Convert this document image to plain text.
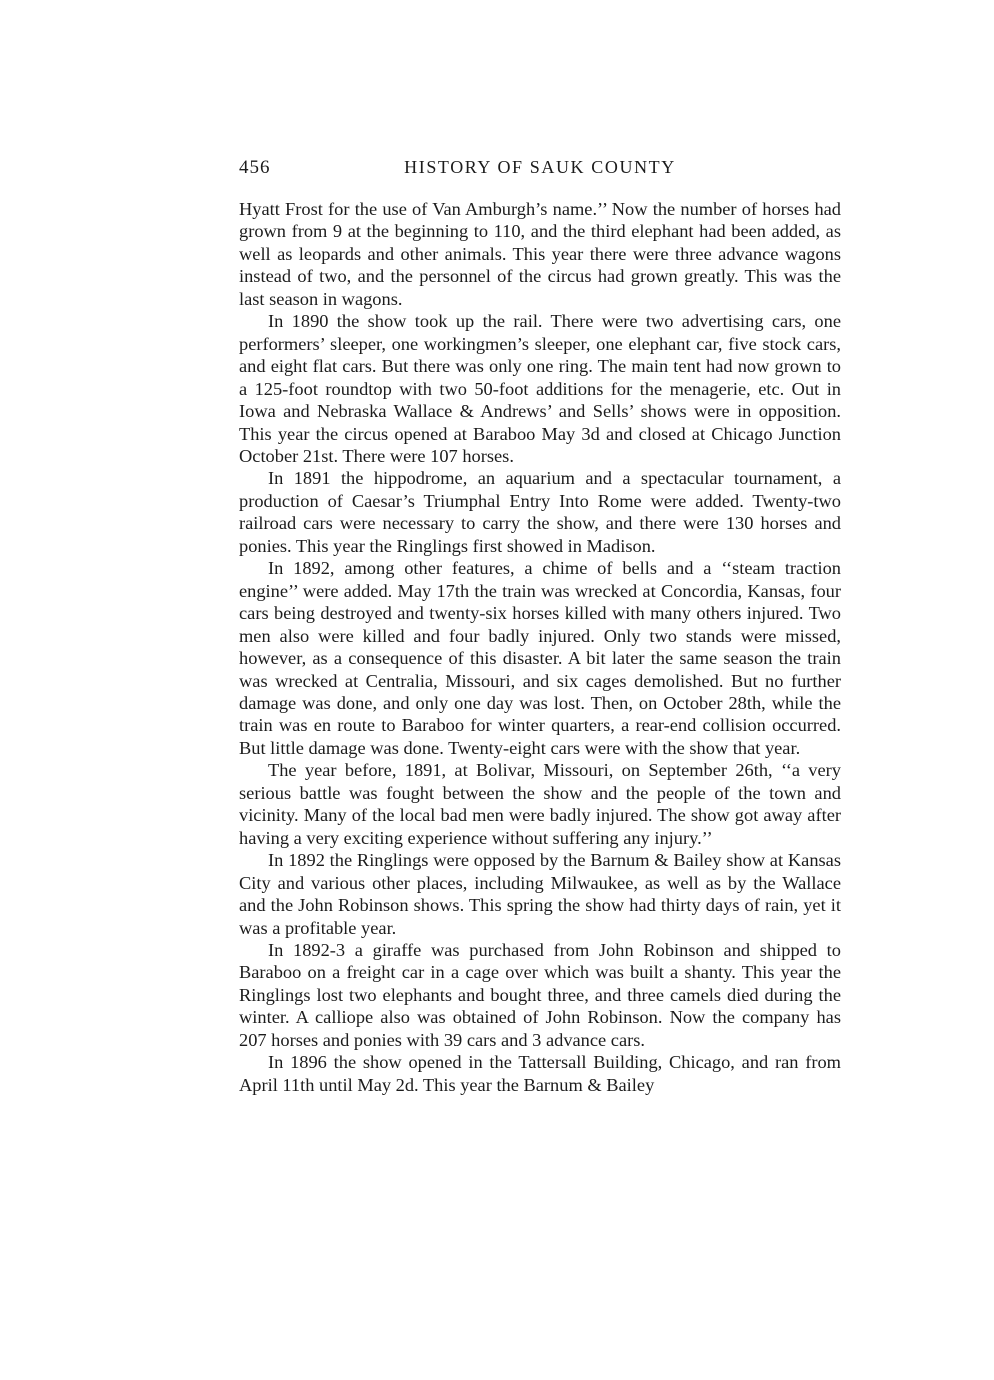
456	HISTORY OF SAUK COUNTY

Hyatt Frost for the use of Van Amburgh’s name.’’ Now the number of horses had grown from 9 at the beginning to 110, and the third elephant had been added, as well as leopards and other animals. This year there were three advance wagons instead of two, and the personnel of the circus had grown greatly. This was the last season in wagons.

In 1890 the show took up the rail. There were two advertising cars, one performers’ sleeper, one workingmen’s sleeper, one elephant car, five stock cars, and eight flat cars. But there was only one ring. The main tent had now grown to a 125-foot roundtop with two 50-foot additions for the menagerie, etc. Out in Iowa and Nebraska Wallace & Andrews’ and Sells’ shows were in opposition. This year the circus opened at Baraboo May 3d and closed at Chicago Junction October 21st. There were 107 horses.

In 1891 the hippodrome, an aquarium and a spectacular tournament, a production of Caesar’s Triumphal Entry Into Rome were added. Twenty-two railroad cars were necessary to carry the show, and there were 130 horses and ponies. This year the Ringlings first showed in Madison.

In 1892, among other features, a chime of bells and a ‘‘steam traction engine’’ were added. May 17th the train was wrecked at Concordia, Kansas, four cars being destroyed and twenty-six horses killed with many others injured. Two men also were killed and four badly injured. Only two stands were missed, however, as a consequence of this disaster. A bit later the same season the train was wrecked at Centralia, Missouri, and six cages demolished. But no further damage was done, and only one day was lost. Then, on October 28th, while the train was en route to Baraboo for winter quarters, a rear-end collision occurred. But little damage was done. Twenty-eight cars were with the show that year.

The year before, 1891, at Bolivar, Missouri, on September 26th, ‘‘a very serious battle was fought between the show and the people of the town and vicinity. Many of the local bad men were badly injured. The show got away after having a very exciting experience without suffering any injury.’’

In 1892 the Ringlings were opposed by the Barnum & Bailey show at Kansas City and various other places, including Milwaukee, as well as by the Wallace and the John Robinson shows. This spring the show had thirty days of rain, yet it was a profitable year.

In 1892-3 a giraffe was purchased from John Robinson and shipped to Baraboo on a freight car in a cage over which was built a shanty. This year the Ringlings lost two elephants and bought three, and three camels died during the winter. A calliope also was obtained of John Robinson. Now the company has 207 horses and ponies with 39 cars and 3 advance cars.

In 1896 the show opened in the Tattersall Building, Chicago, and ran from April 11th until May 2d. This year the Barnum & Bailey
